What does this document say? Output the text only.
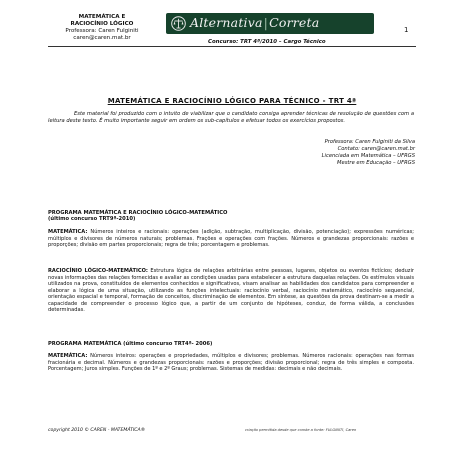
MATEMÁTICA E
RACIOCÍNIO LÓGICO
Professora: Caren Fulginiti
caren@caren.mat.br
Alternativa|Correta	1
Concurso: TRT 4ª/2010 – Cargo Técnico
MATEMÁTICA E RACIOCÍNIO LÓGICO PARA TÉCNICO - TRT 4ª
Este material foi produzido com o intuito de viabilizar que o candidato consiga aprender técnicas de resolução de questões com a leitura deste texto. É muito importante seguir em ordem os sub-capítulos e efetuar todos os exercícios propostos.
Professora: Caren Fulginiti da Silva
Contato: caren@caren.mat.br
Licenciada em Matemática – UFRGS
Mestre em Educação – UFRGS
PROGRAMA MATEMÁTICA E RACIOCÍNIO LÓGICO-MATEMÁTICO
(último concurso TRT9ª-2010)
MATEMÁTICA: Números inteiros e racionais: operações (adição, subtração, multiplicação, divisão, potenciação); expressões numéricas; múltiplos e divisores de números naturais; problemas. Frações e operações com frações. Números e grandezas proporcionais: razões e proporções; divisão em partes proporcionais; regra de três; porcentagem e problemas.
RACIOCÍNIO LÓGICO-MATEMÁTICO: Estrutura lógica de relações arbitrárias entre pessoas, lugares, objetos ou eventos fictícios; deduzir novas informações das relações fornecidas e avaliar as condições usadas para estabelecer a estrutura daquelas relações. Os estímulos visuais utilizados na prova, constituídos de elementos conhecidos e significativos, visam analisar as habilidades dos candidatos para compreender e elaborar a lógica de uma situação, utilizando as funções intelectuais: raciocínio verbal, raciocínio matemático, raciocínio sequencial, orientação espacial e temporal, formação de conceitos, discriminação de elementos. Em síntese, as questões da prova destinam-se a medir a capacidade de compreender o processo lógico que, a partir de um conjunto de hipóteses, conduz, de forma válida, a conclusões determinadas.
PROGRAMA MATEMÁTICA (último concurso TRT4ª- 2006)
MATEMÁTICA: Números inteiros: operações e propriedades, múltiplos e divisores; problemas. Números racionais: operações nas formas fracionária e decimal. Números e grandezas proporcionais: razões e proporções; divisão proporcional; regra de três simples e composta. Porcentagem; Juros simples. Funções de 1º e 2º Graus; problemas. Sistemas de medidas: decimais e não decimais.
copyright 2010 © CAREN - MATEMÁTICA®	criação permitida desde que conste a fonte: FULGINITI, Caren
